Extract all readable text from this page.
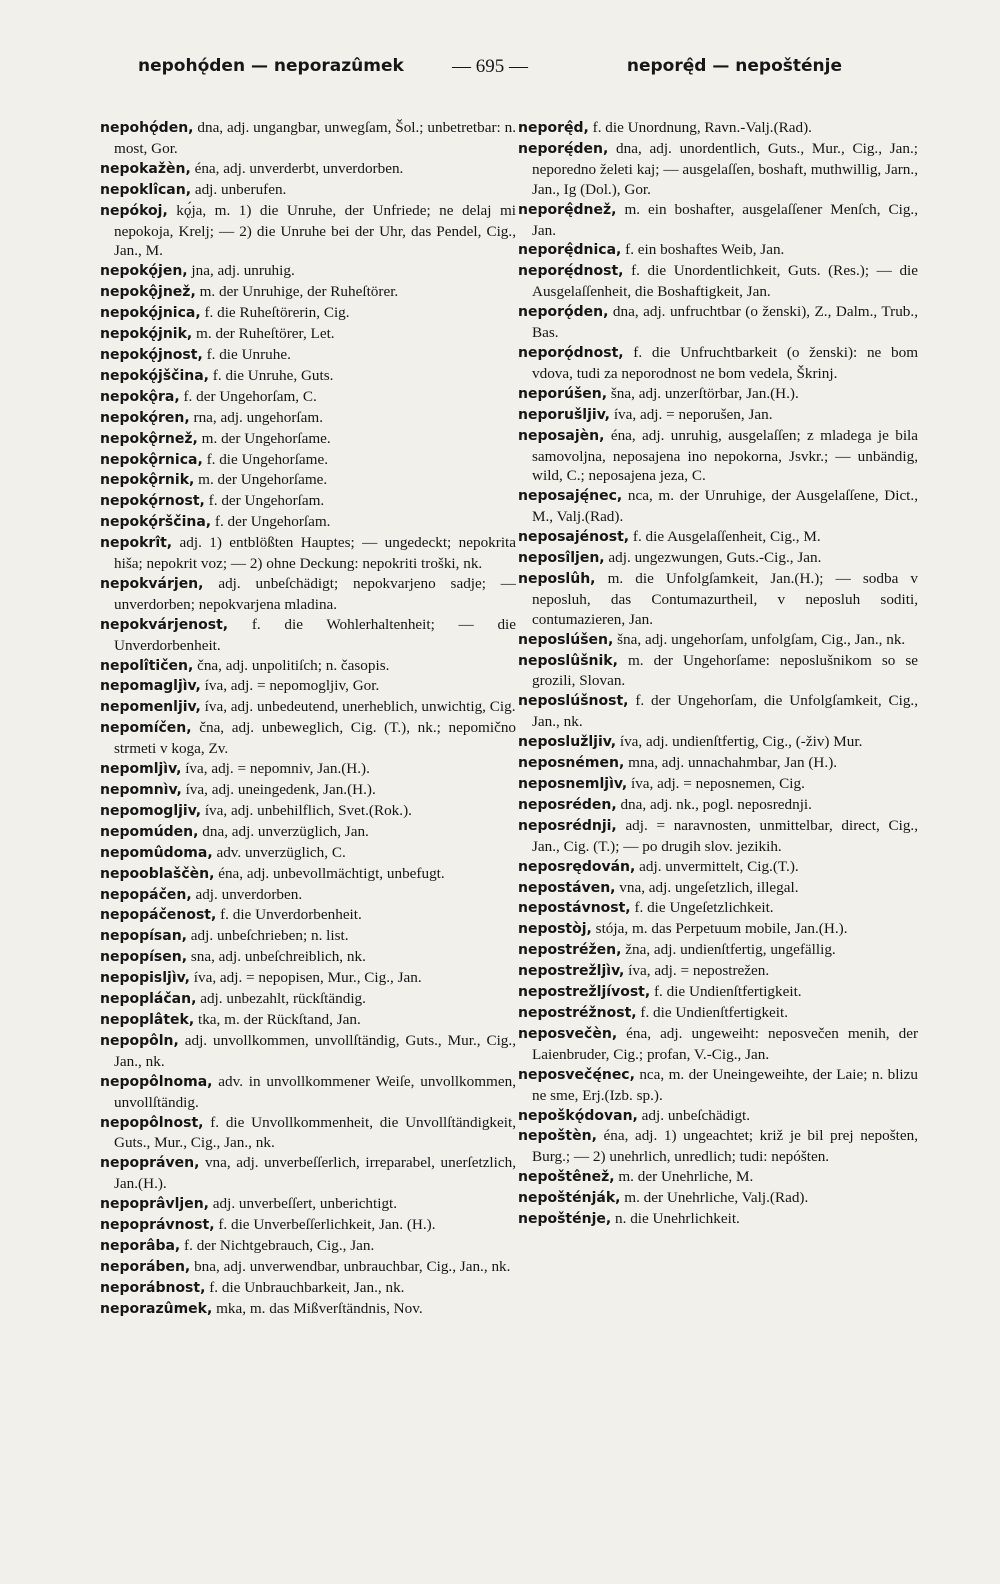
nepohǫ́den — neporazûmek	— 695 —	neporę̂d — nepošténje

nepohǫ́den, dna, adj. ungangbar, unwegſam, Šol.; unbetretbar: n. most, Gor.

nepokažèn, éna, adj. unverderbt, unverdorben.

nepoklîcan, adj. unberufen.

nepókoj, kǫ́ja, m. 1) die Unruhe, der Unfriede; ne delaj mi nepokoja, Krelj; — 2) die Unruhe bei der Uhr, das Pendel, Cig., Jan., M.

nepokǫ́jen, jna, adj. unruhig.

nepokǫ̂jnež, m. der Unruhige, der Ruheſtörer.

nepokǫ́jnica, f. die Ruheſtörerin, Cig.

nepokǫ́jnik, m. der Ruheſtörer, Let.

nepokǫ́jnost, f. die Unruhe.

nepokǫ́jščina, f. die Unruhe, Guts.

nepokǫ̂ra, f. der Ungehorſam, C.

nepokǫ́ren, rna, adj. ungehorſam.

nepokǫ̂rnež, m. der Ungehorſame.

nepokǫ̂rnica, f. die Ungehorſame.

nepokǫ̂rnik, m. der Ungehorſame.

nepokǫ́rnost, f. der Ungehorſam.

nepokǫ́rščina, f. der Ungehorſam.

nepokrît, adj. 1) entblößten Hauptes; — ungedeckt; nepokrita hiša; nepokrit voz; — 2) ohne Deckung: nepokriti troški, nk.

nepokvárjen, adj. unbeſchädigt; nepokvarjeno sadje; — unverdorben; nepokvarjena mladina.

nepokvárjenost, f. die Wohlerhaltenheit; — die Unverdorbenheit.

nepolîtičen, čna, adj. unpolitiſch; n. časopis.

nepomagljìv, íva, adj. = nepomogljiv, Gor.

nepomenljiv, íva, adj. unbedeutend, unerheblich, unwichtig, Cig.

nepomíčen, čna, adj. unbeweglich, Cig. (T.), nk.; nepomično strmeti v koga, Zv.

nepomljìv, íva, adj. = nepomniv, Jan.(H.).

nepomnìv, íva, adj. uneingedenk, Jan.(H.).

nepomogljiv, íva, adj. unbehilflich, Svet.(Rok.).

nepomúden, dna, adj. unverzüglich, Jan.

nepomûdoma, adv. unverzüglich, C.

nepooblaščèn, éna, adj. unbevollmächtigt, unbefugt.

nepopáčen, adj. unverdorben.

nepopáčenost, f. die Unverdorbenheit.

nepopísan, adj. unbeſchrieben; n. list.

nepopísen, sna, adj. unbeſchreiblich, nk.

nepopisljìv, íva, adj. = nepopisen, Mur., Cig., Jan.

nepopláčan, adj. unbezahlt, rückſtändig.

nepoplâtek, tka, m. der Rückſtand, Jan.

nepopôln, adj. unvollkommen, unvollſtändig, Guts., Mur., Cig., Jan., nk.

nepopôlnoma, adv. in unvollkommener Weiſe, unvollkommen, unvollſtändig.

nepopôlnost, f. die Unvollkommenheit, die Unvollſtändigkeit, Guts., Mur., Cig., Jan., nk.

nepopráven, vna, adj. unverbeſſerlich, irreparabel, unerſetzlich, Jan.(H.).

nepoprâvljen, adj. unverbeſſert, unberichtigt.

nepoprávnost, f. die Unverbeſſerlichkeit, Jan. (H.).

neporâba, f. der Nichtgebrauch, Cig., Jan.

neporáben, bna, adj. unverwendbar, unbrauchbar, Cig., Jan., nk.

neporábnost, f. die Unbrauchbarkeit, Jan., nk.

neporazûmek, mka, m. das Mißverſtändnis, Nov.

neporę̂d, f. die Unordnung, Ravn.-Valj.(Rad).

neporę́den, dna, adj. unordentlich, Guts., Mur., Cig., Jan.; neporedno želeti kaj; — ausgelaſſen, boshaft, muthwillig, Jarn., Jan., Ig (Dol.), Gor.

neporę̂dnež, m. ein boshafter, ausgelaſſener Menſch, Cig., Jan.

neporę̂dnica, f. ein boshaftes Weib, Jan.

neporę́dnost, f. die Unordentlichkeit, Guts. (Res.); — die Ausgelaſſenheit, die Boshaftigkeit, Jan.

neporǫ́den, dna, adj. unfruchtbar (o ženski), Z., Dalm., Trub., Bas.

neporǫ́dnost, f. die Unfruchtbarkeit (o ženski): ne bom vdova, tudi za neporodnost ne bom vedela, Škrinj.

neporúšen, šna, adj. unzerſtörbar, Jan.(H.).

neporušljiv, íva, adj. = neporušen, Jan.

neposajèn, éna, adj. unruhig, ausgelaſſen; z mladega je bila samovoljna, neposajena ino nepokorna, Jsvkr.; — unbändig, wild, C.; neposajena jeza, C.

neposaję́nec, nca, m. der Unruhige, der Ausgelaſſene, Dict., M., Valj.(Rad).

neposajénost, f. die Ausgelaſſenheit, Cig., M.

neposîljen, adj. ungezwungen, Guts.-Cig., Jan.

neposlûh, m. die Unfolgſamkeit, Jan.(H.); — sodba v neposluh, das Contumazurtheil, v neposluh soditi, contumazieren, Jan.

neposlúšen, šna, adj. ungehorſam, unfolgſam, Cig., Jan., nk.

neposlûšnik, m. der Ungehorſame: neposlušnikom so se grozili, Slovan.

neposlúšnost, f. der Ungehorſam, die Unfolgſamkeit, Cig., Jan., nk.

neposlužljiv, íva, adj. undienſtfertig, Cig., (-živ) Mur.

neposnémen, mna, adj. unnachahmbar, Jan (H.).

neposnemljìv, íva, adj. = neposnemen, Cig.

neposréden, dna, adj. nk., pogl. neposrednji.

neposrédnji, adj. = naravnosten, unmittelbar, direct, Cig., Jan., Cig. (T.); — po drugih slov. jezikih.

neposrędován, adj. unvermittelt, Cig.(T.).

nepostáven, vna, adj. ungeſetzlich, illegal.

nepostávnost, f. die Ungeſetzlichkeit.

nepostòj, stója, m. das Perpetuum mobile, Jan.(H.).

nepostréžen, žna, adj. undienſtfertig, ungefällig.

nepostrežljìv, íva, adj. = nepostrežen.

nepostrežljívost, f. die Undienſtfertigkeit.

nepostréžnost, f. die Undienſtfertigkeit.

neposvečèn, éna, adj. ungeweiht: neposvečen menih, der Laienbruder, Cig.; profan, V.-Cig., Jan.

neposvečę́nec, nca, m. der Uneingeweihte, der Laie; n. blizu ne sme, Erj.(Izb. sp.).

nepoškǫ́dovan, adj. unbeſchädigt.

nepoštèn, éna, adj. 1) ungeachtet; križ je bil prej nepošten, Burg.; — 2) unehrlich, unredlich; tudi: nepóšten.

nepoštênež, m. der Unehrliche, M.

nepošténják, m. der Unehrliche, Valj.(Rad).

nepošténje, n. die Unehrlichkeit.
